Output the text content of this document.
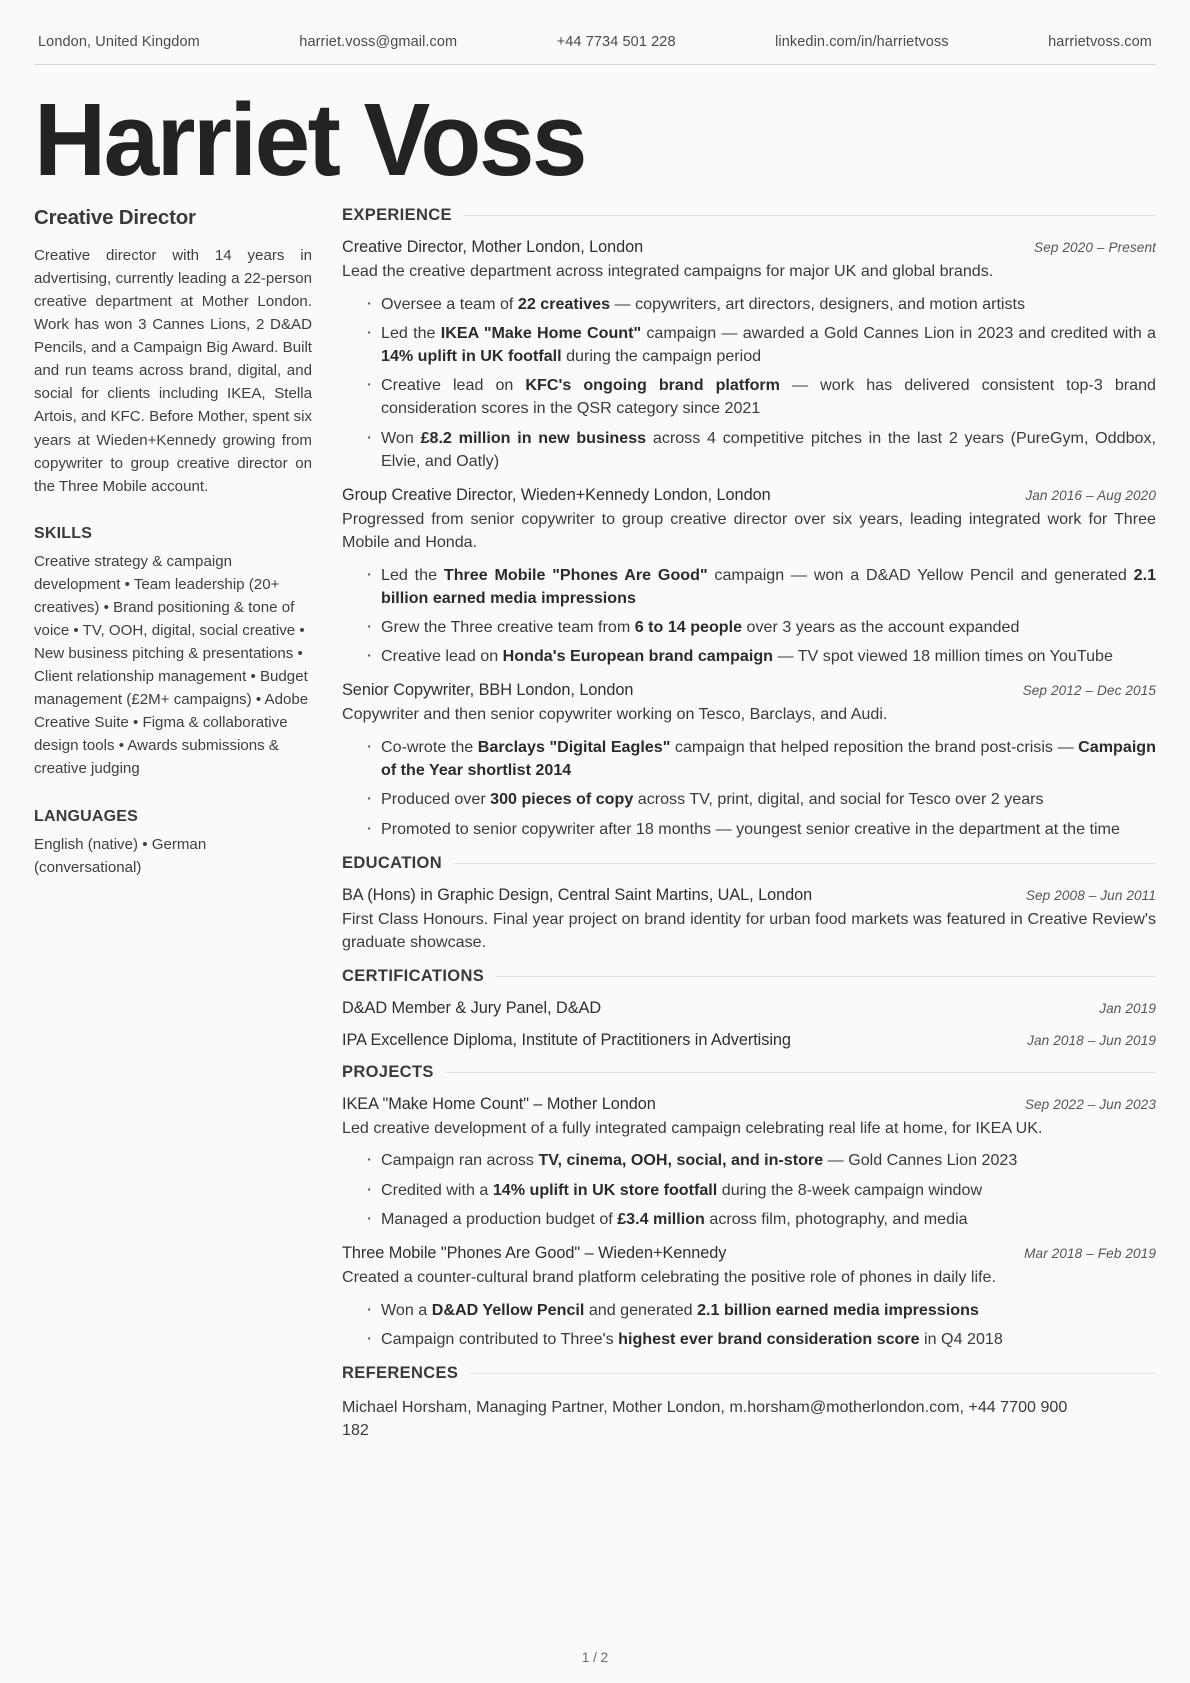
London, United Kingdom	harriet.voss@gmail.com	+44 7734 501 228	linkedin.com/in/harrietvoss	harrietvoss.com
Harriet Voss
Creative Director

Creative director with 14 years in advertising, currently leading a 22-person creative department at Mother London. Work has won 3 Cannes Lions, 2 D&AD Pencils, and a Campaign Big Award. Built and run teams across brand, digital, and social for clients including IKEA, Stella Artois, and KFC. Before Mother, spent six years at Wieden+Kennedy growing from copywriter to group creative director on the Three Mobile account.

SKILLS

Creative strategy & campaign development • Team leadership (20+ creatives) • Brand positioning & tone of voice • TV, OOH, digital, social creative • New business pitching & presentations • Client relationship management • Budget management (£2M+ campaigns) • Adobe Creative Suite • Figma & collaborative design tools • Awards submissions & creative judging

LANGUAGES

English (native) • German (conversational)

EXPERIENCE
Creative Director, Mother London, London	Sep 2020 – Present
Lead the creative department across integrated campaigns for major UK and global brands.
· Oversee a team of 22 creatives — copywriters, art directors, designers, and motion artists
· Led the IKEA "Make Home Count" campaign — awarded a Gold Cannes Lion in 2023 and credited with a 14% uplift in UK footfall during the campaign period
· Creative lead on KFC's ongoing brand platform — work has delivered consistent top-3 brand consideration scores in the QSR category since 2021
· Won £8.2 million in new business across 4 competitive pitches in the last 2 years (PureGym, Oddbox, Elvie, and Oatly)
Group Creative Director, Wieden+Kennedy London, London	Jan 2016 – Aug 2020
Progressed from senior copywriter to group creative director over six years, leading integrated work for Three Mobile and Honda.
· Led the Three Mobile "Phones Are Good" campaign — won a D&AD Yellow Pencil and generated 2.1 billion earned media impressions
· Grew the Three creative team from 6 to 14 people over 3 years as the account expanded
· Creative lead on Honda's European brand campaign — TV spot viewed 18 million times on YouTube
Senior Copywriter, BBH London, London	Sep 2012 – Dec 2015
Copywriter and then senior copywriter working on Tesco, Barclays, and Audi.
· Co-wrote the Barclays "Digital Eagles" campaign that helped reposition the brand post-crisis — Campaign of the Year shortlist 2014
· Produced over 300 pieces of copy across TV, print, digital, and social for Tesco over 2 years
· Promoted to senior copywriter after 18 months — youngest senior creative in the department at the time
EDUCATION
BA (Hons) in Graphic Design, Central Saint Martins, UAL, London	Sep 2008 – Jun 2011
First Class Honours. Final year project on brand identity for urban food markets was featured in Creative Review's graduate showcase.
CERTIFICATIONS
D&AD Member & Jury Panel, D&AD	Jan 2019
IPA Excellence Diploma, Institute of Practitioners in Advertising	Jan 2018 – Jun 2019
PROJECTS
IKEA "Make Home Count" – Mother London	Sep 2022 – Jun 2023
Led creative development of a fully integrated campaign celebrating real life at home, for IKEA UK.
· Campaign ran across TV, cinema, OOH, social, and in-store — Gold Cannes Lion 2023
· Credited with a 14% uplift in UK store footfall during the 8-week campaign window
· Managed a production budget of £3.4 million across film, photography, and media
Three Mobile "Phones Are Good" – Wieden+Kennedy	Mar 2018 – Feb 2019
Created a counter-cultural brand platform celebrating the positive role of phones in daily life.
· Won a D&AD Yellow Pencil and generated 2.1 billion earned media impressions
· Campaign contributed to Three's highest ever brand consideration score in Q4 2018
REFERENCES

Michael Horsham, Managing Partner, Mother London, m.horsham@motherlondon.com, +44 7700 900 182

1 / 2
